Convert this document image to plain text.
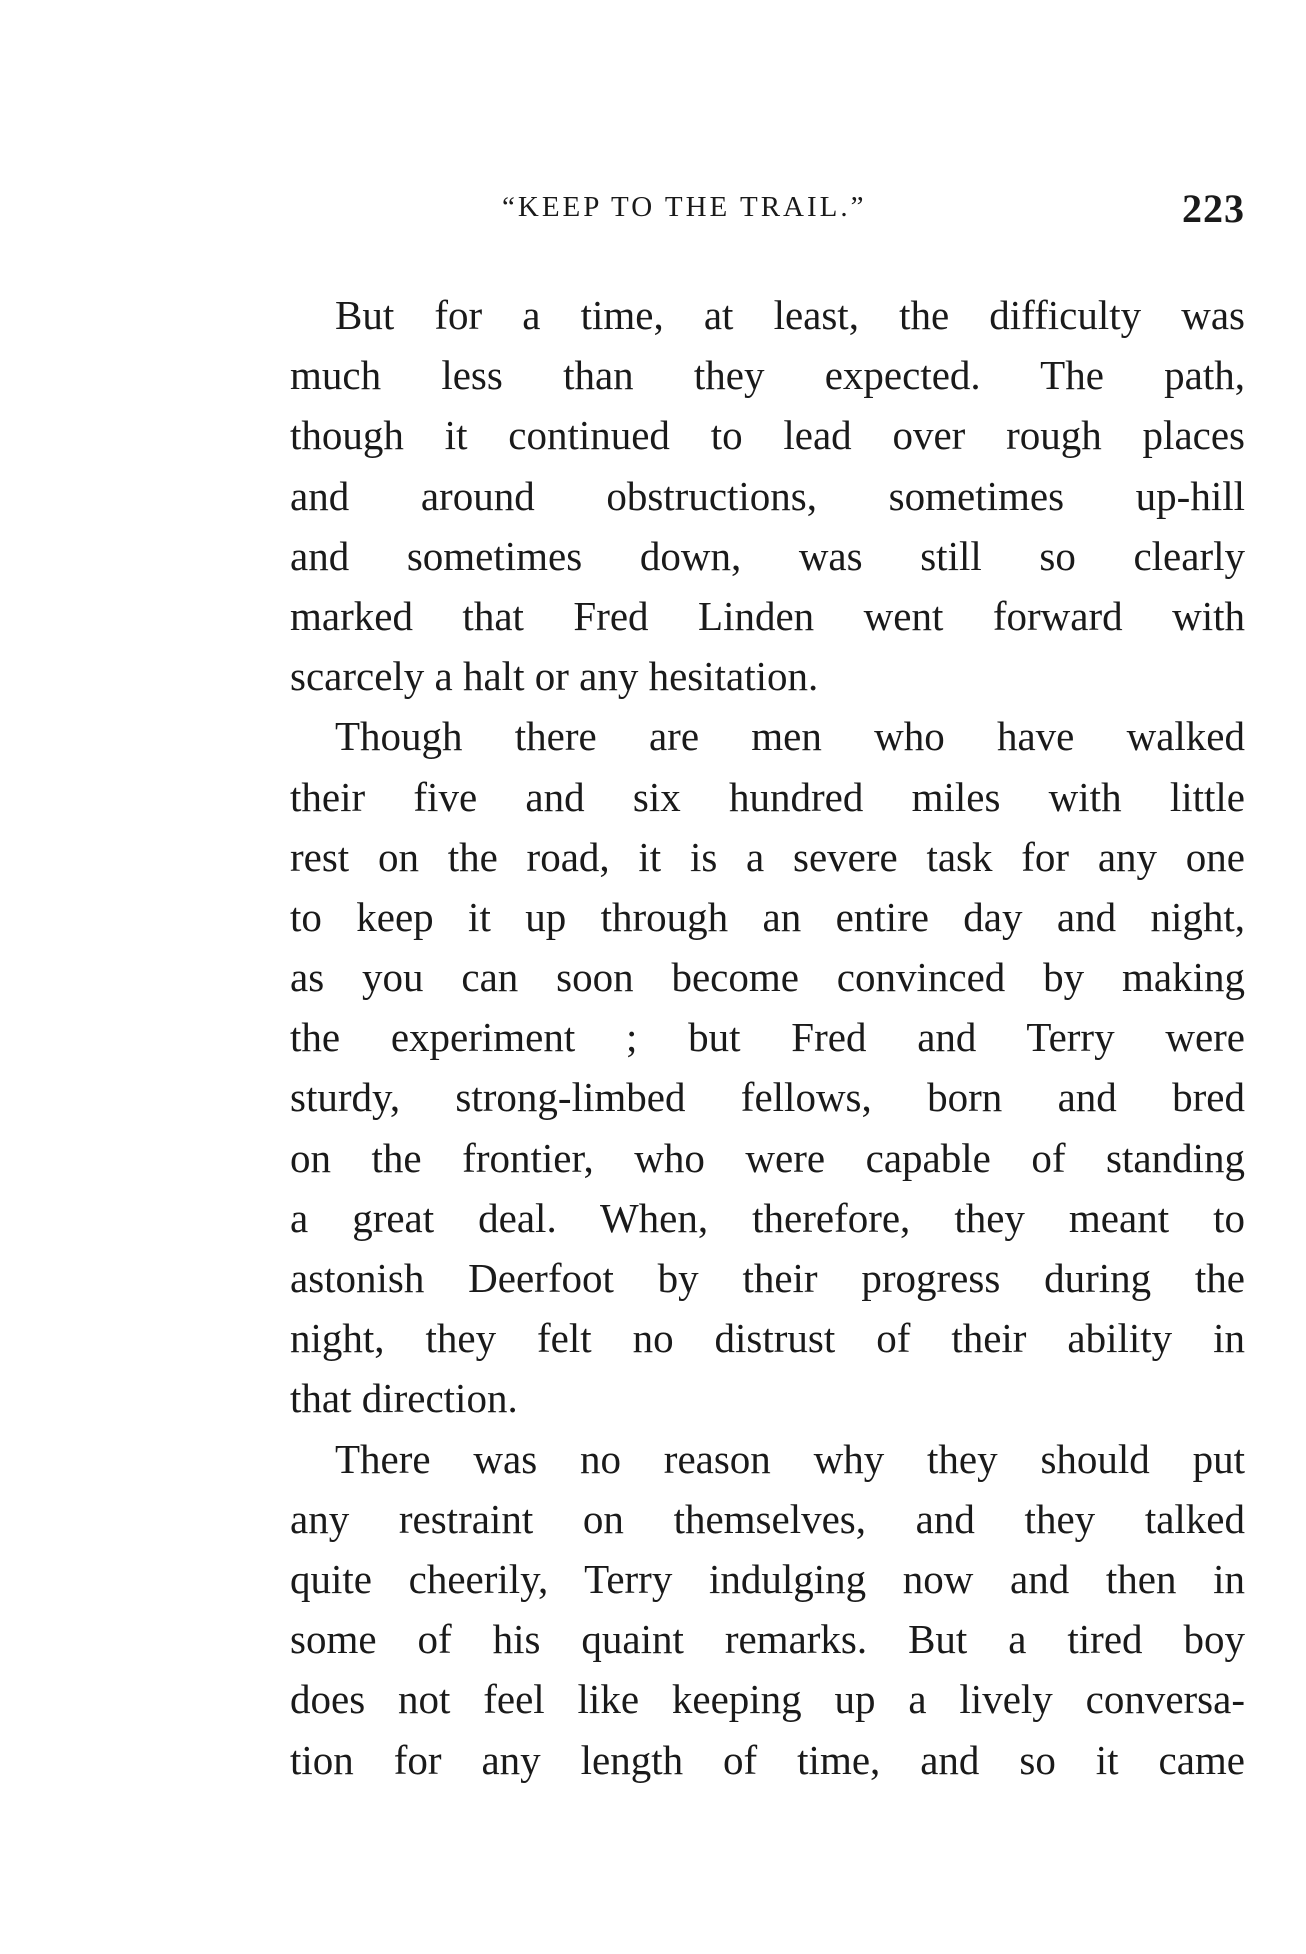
“KEEP TO THE TRAIL.”	223

But for a time, at least, the difficulty was
much less than they expected. The path,
though it continued to lead over rough places
and around obstructions, sometimes up-hill
and sometimes down, was still so clearly
marked that Fred Linden went forward with
scarcely a halt or any hesitation.

Though there are men who have walked
their five and six hundred miles with little
rest on the road, it is a severe task for any one
to keep it up through an entire day and night,
as you can soon become convinced by making
the experiment ; but Fred and Terry were
sturdy, strong-limbed fellows, born and bred
on the frontier, who were capable of standing
a great deal. When, therefore, they meant to
astonish Deerfoot by their progress during the
night, they felt no distrust of their ability in
that direction.

There was no reason why they should put
any restraint on themselves, and they talked
quite cheerily, Terry indulging now and then in
some of his quaint remarks. But a tired boy
does not feel like keeping up a lively conversa-
tion for any length of time, and so it came
